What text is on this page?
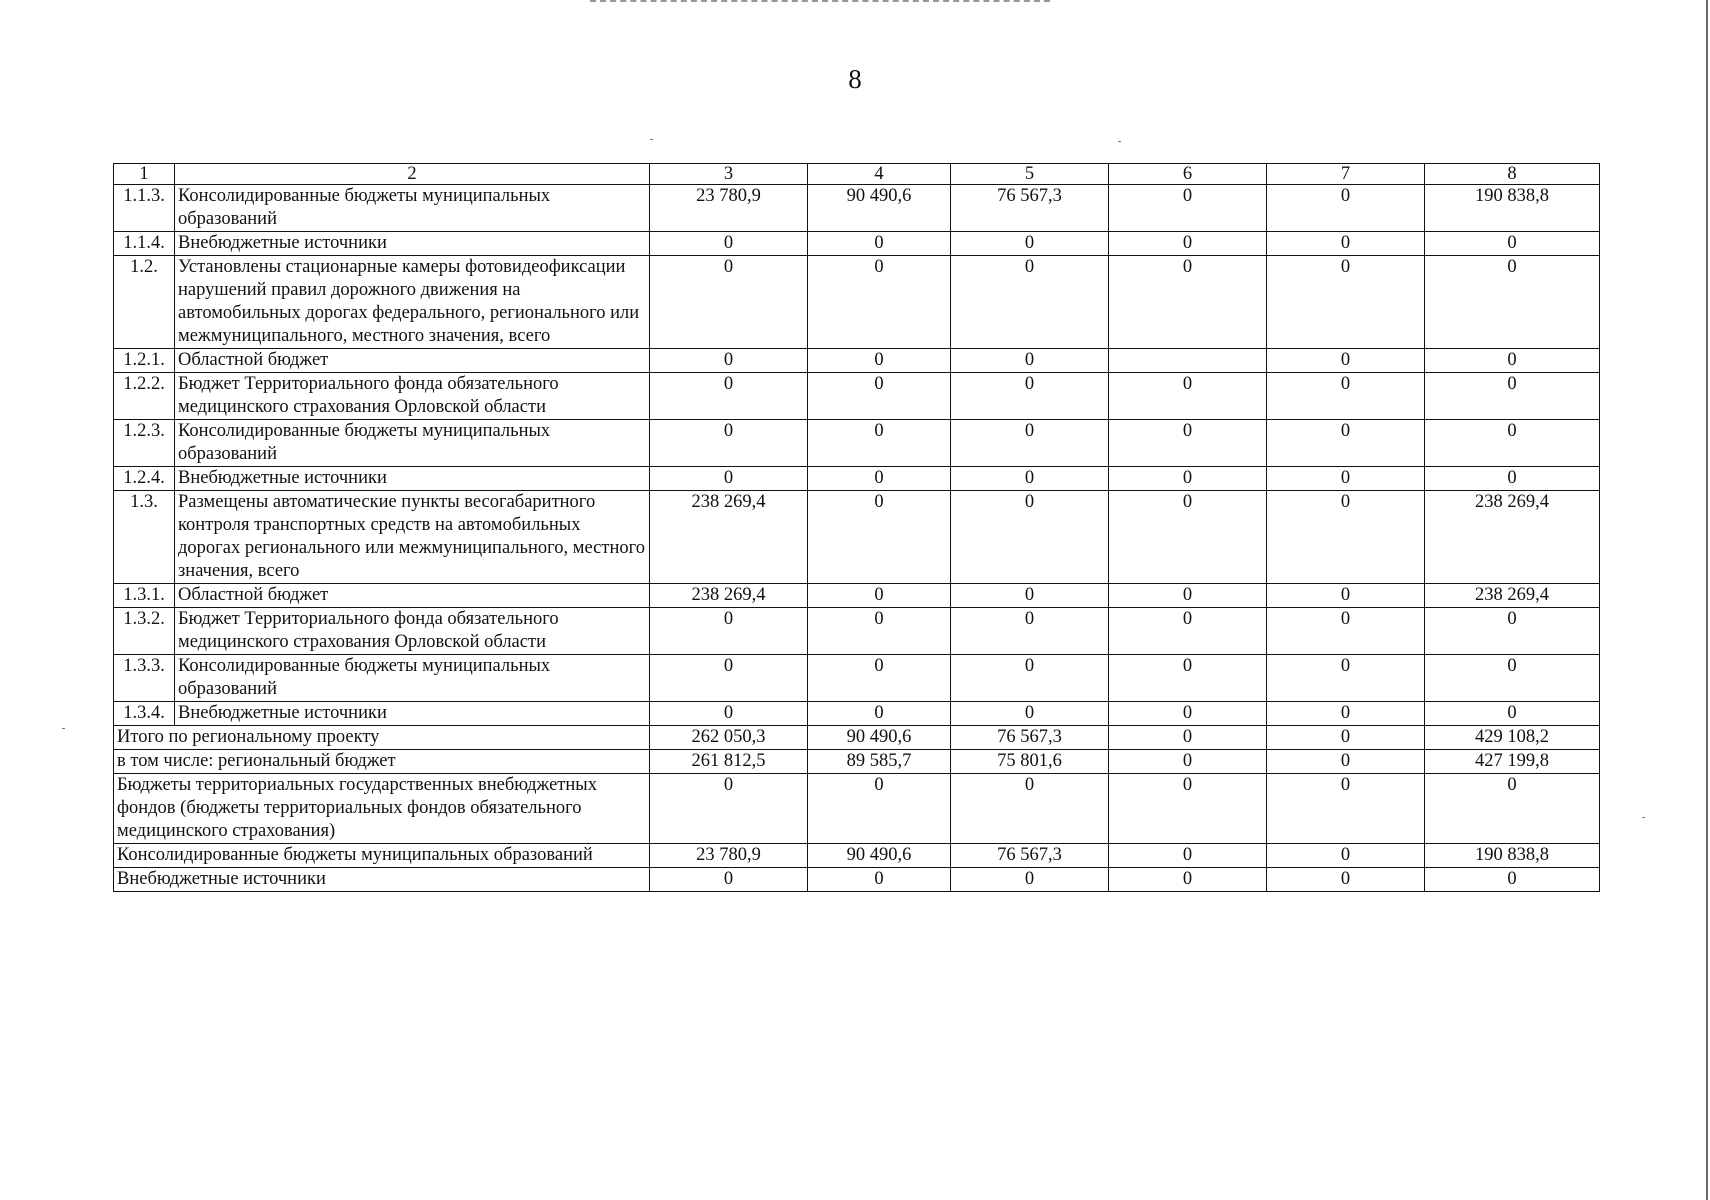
8
1	2	3	4	5	6	7	8
1.1.3.	Консолидированные бюджеты муниципальных образований	23 780,9	90 490,6	76 567,3	0	0	190 838,8
1.1.4.	Внебюджетные источники	0	0	0	0	0	0
1.2.	Установлены стационарные камеры фотовидеофиксации нарушений правил дорожного движения на автомобильных дорогах федерального, регионального или межмуниципального, местного значения, всего	0	0	0	0	0	0
1.2.1.	Областной бюджет	0	0	0		0	0
1.2.2.	Бюджет Территориального фонда обязательного медицинского страхования Орловской области	0	0	0	0	0	0
1.2.3.	Консолидированные бюджеты муниципальных образований	0	0	0	0	0	0
1.2.4.	Внебюджетные источники	0	0	0	0	0	0
1.3.	Размещены автоматические пункты весогабаритного контроля транспортных средств на автомобильных дорогах регионального или межмуниципального, местного значения, всего	238 269,4	0	0	0	0	238 269,4
1.3.1.	Областной бюджет	238 269,4	0	0	0	0	238 269,4
1.3.2.	Бюджет Территориального фонда обязательного медицинского страхования Орловской области	0	0	0	0	0	0
1.3.3.	Консолидированные бюджеты муниципальных образований	0	0	0	0	0	0
1.3.4.	Внебюджетные источники	0	0	0	0	0	0
Итого по региональному проекту		262 050,3	90 490,6	76 567,3	0	0	429 108,2
в том числе: региональный бюджет		261 812,5	89 585,7	75 801,6	0	0	427 199,8
Бюджеты территориальных государственных внебюджетных фондов (бюджеты территориальных фондов обязательного медицинского страхования)		0	0	0	0	0	0
Консолидированные бюджеты муниципальных образований		23 780,9	90 490,6	76 567,3	0	0	190 838,8
Внебюджетные источники		0	0	0	0	0	0
